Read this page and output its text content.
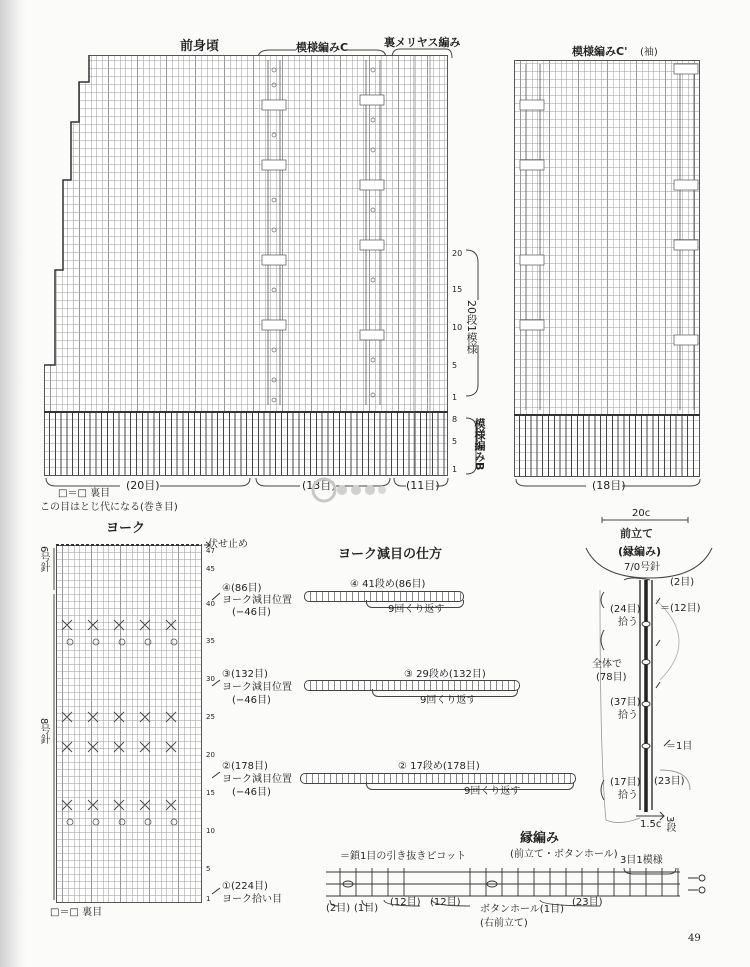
前身頃	模様編みC	裏メリヤス編み
20
15
10
5
1
20段1模様
8
5
1 模様編みB
(20目)	(13目)	(11目)
□＝□ 裏目
この目はとじ代になる(巻き目)
模様編みC' (袖)
(18目)
ヨーク
伏せ止め
6号針
8号針
47
45
40
35
30
25
20
15
10
5
1
④(86目)
ヨーク減目位置
(−46目)
③(132目)
ヨーク減目位置
(−46目)
②(178目)
ヨーク減目位置
(−46目)
①(224目)
ヨーク拾い目
□＝□ 裏目
ヨーク減目の仕方
④ 41段め(86目)
9回くり返す
③ 29段め(132目)
9回くり返す
② 17段め(178目)
9回くり返す
20c
前立て
(縁編み)
7/0号針
(2目)
(24目)
拾う
＝(12目)
全体で
(78目)
(37目)
拾う
＝1目
(17目)
拾う
(23目)
1.5c 3段
縁編み
＝鎖1目の引き抜きピコット	(前立て・ボタンホール)
3目1模様
(2目) (1目)
(12目) (12目)
ボタンホール(1目)
(右前立て)
(23目)
49
